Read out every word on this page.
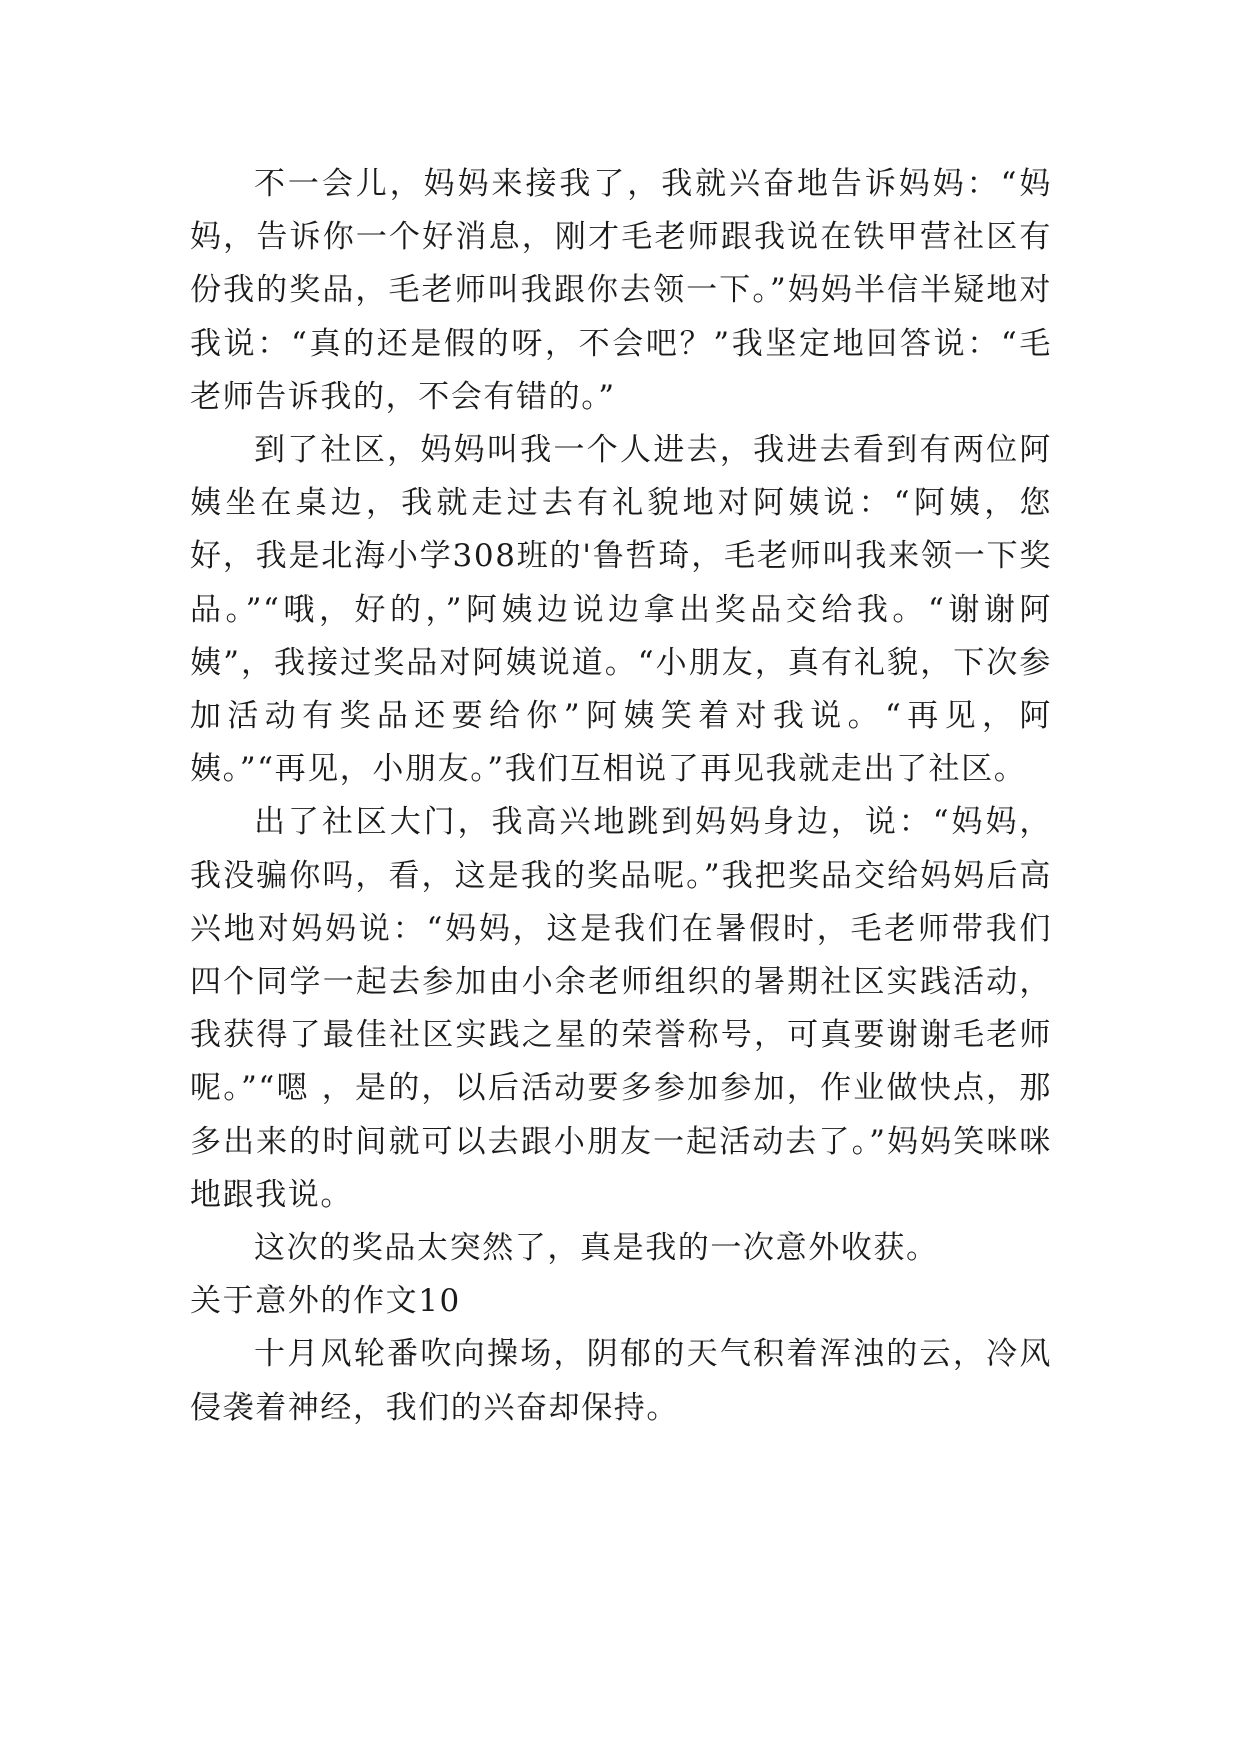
不一会儿，妈妈来接我了，我就兴奋地告诉妈妈：“妈妈，告诉你一个好消息，刚才毛老师跟我说在铁甲营社区有份我的奖品，毛老师叫我跟你去领一下。”妈妈半信半疑地对我说：“真的还是假的呀，不会吧？”我坚定地回答说：“毛老师告诉我的，不会有错的。”

到了社区，妈妈叫我一个人进去，我进去看到有两位阿姨坐在桌边，我就走过去有礼貌地对阿姨说：“阿姨，您好，我是北海小学308班的'鲁哲琦，毛老师叫我来领一下奖品。”“哦，好的，”阿姨边说边拿出奖品交给我。“谢谢阿姨”，我接过奖品对阿姨说道。“小朋友，真有礼貌，下次参加活动有奖品还要给你”阿姨笑着对我说。“再见，阿姨。”“再见，小朋友。”我们互相说了再见我就走出了社区。

出了社区大门，我高兴地跳到妈妈身边，说：“妈妈，我没骗你吗，看，这是我的奖品呢。”我把奖品交给妈妈后高兴地对妈妈说：“妈妈，这是我们在暑假时，毛老师带我们四个同学一起去参加由小余老师组织的暑期社区实践活动，我获得了最佳社区实践之星的荣誉称号，可真要谢谢毛老师呢。”“嗯 ，是的，以后活动要多参加参加，作业做快点，那多出来的时间就可以去跟小朋友一起活动去了。”妈妈笑咪咪地跟我说。

这次的奖品太突然了，真是我的一次意外收获。

关于意外的作文10

十月风轮番吹向操场，阴郁的天气积着浑浊的云，冷风侵袭着神经，我们的兴奋却保持。
